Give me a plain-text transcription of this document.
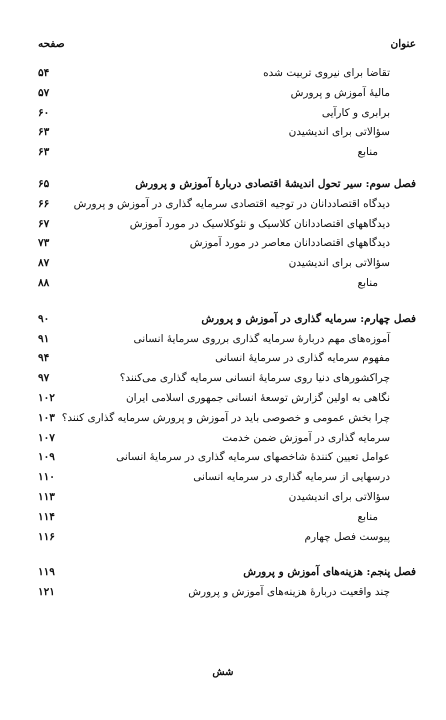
عنوان
صفحه
تقاضا برای نیروی تربیت شده
۵۴
مالیهٔ آموزش و پرورش
۵۷
برابری و کارآیی
۶۰
سؤالاتی برای اندیشیدن
۶۳
منابع
۶۳
فصل سوم: سیر تحول اندیشهٔ اقتصادی دربارهٔ آموزش و پرورش
۶۵
دیدگاه اقتصاددانان در توجیه اقتصادی سرمایه گذاری در آموزش و پرورش
۶۶
دیدگاههای اقتصاددانان کلاسیک و نئوکلاسیک در مورد آموزش
۶۷
دیدگاههای اقتصاددانان معاصر در مورد آموزش
۷۳
سؤالاتی برای اندیشیدن
۸۷
منابع
۸۸
فصل چهارم: سرمایه گذاری در آموزش و پرورش
۹۰
آموزه‌های مهم دربارهٔ سرمایه گذاری برروی سرمایهٔ انسانی
۹۱
مفهوم سرمایه گذاری در سرمایهٔ انسانی
۹۴
چراکشورهای دنیا روی سرمایهٔ انسانی سرمایه گذاری می‌کنند؟
۹۷
نگاهی به اولین گزارش توسعهٔ انسانی جمهوری اسلامی ایران
۱۰۲
چرا بخش عمومی و خصوصی باید در آموزش و پرورش سرمایه گذاری کنند؟
۱۰۳
سرمایه گذاری در آموزش ضمن خدمت
۱۰۷
عوامل تعیین کنندهٔ شاخصهای سرمایه گذاری در سرمایهٔ انسانی
۱۰۹
درسهایی از سرمایه گذاری در سرمایه انسانی
۱۱۰
سؤالاتی برای اندیشیدن
۱۱۳
منابع
۱۱۴
پیوست فصل چهارم
۱۱۶
فصل پنجم: هزینه‌های آموزش و پرورش
۱۱۹
چند واقعیت دربارهٔ هزینه‌های آموزش و پرورش
۱۲۱
شش
